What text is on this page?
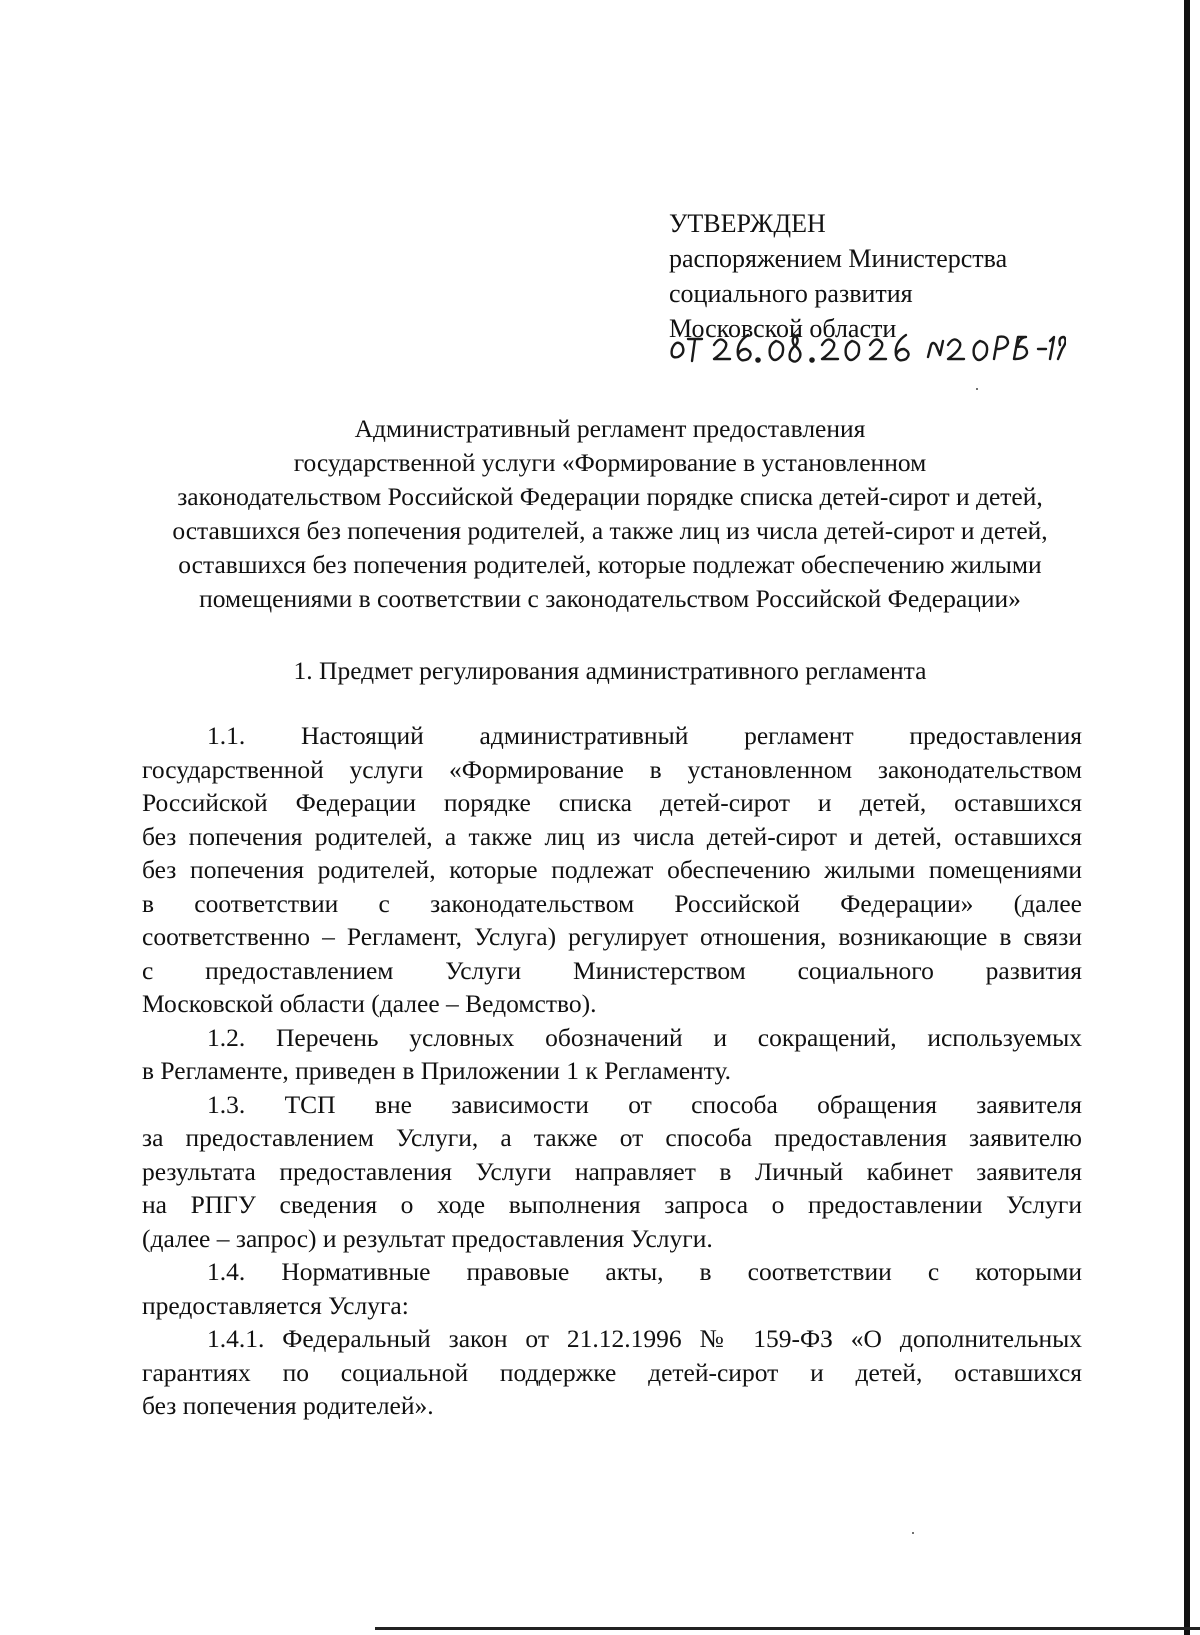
УТВЕРЖДЕН
распоряжением Министерства
социального развития
Московской области
Административный регламент предоставления
государственной услуги «Формирование в установленном
законодательством Российской Федерации порядке списка детей-сирот и детей,
оставшихся без попечения родителей, а также лиц из числа детей-сирот и детей,
оставшихся без попечения родителей, которые подлежат обеспечению жилыми
помещениями в соответствии с законодательством Российской Федерации»
1. Предмет регулирования административного регламента
1.1. Настоящий административный регламент предоставления
государственной услуги «Формирование в установленном законодательством
Российской Федерации порядке списка детей-сирот и детей, оставшихся
без попечения родителей, а также лиц из числа детей-сирот и детей, оставшихся
без попечения родителей, которые подлежат обеспечению жилыми помещениями
в соответствии с законодательством Российской Федерации» (далее
соответственно – Регламент, Услуга) регулирует отношения, возникающие в связи
с предоставлением Услуги Министерством социального развития
Московской области (далее – Ведомство).
1.2. Перечень условных обозначений и сокращений, используемых
в Регламенте, приведен в Приложении 1 к Регламенту.
1.3. ТСП вне зависимости от способа обращения заявителя
за предоставлением Услуги, а также от способа предоставления заявителю
результата предоставления Услуги направляет в Личный кабинет заявителя
на РПГУ сведения о ходе выполнения запроса о предоставлении Услуги
(далее – запрос) и результат предоставления Услуги.
1.4. Нормативные правовые акты, в соответствии с которыми
предоставляется Услуга:
1.4.1. Федеральный закон от 21.12.1996 № 159-ФЗ «О дополнительных
гарантиях по социальной поддержке детей-сирот и детей, оставшихся
без попечения родителей».
